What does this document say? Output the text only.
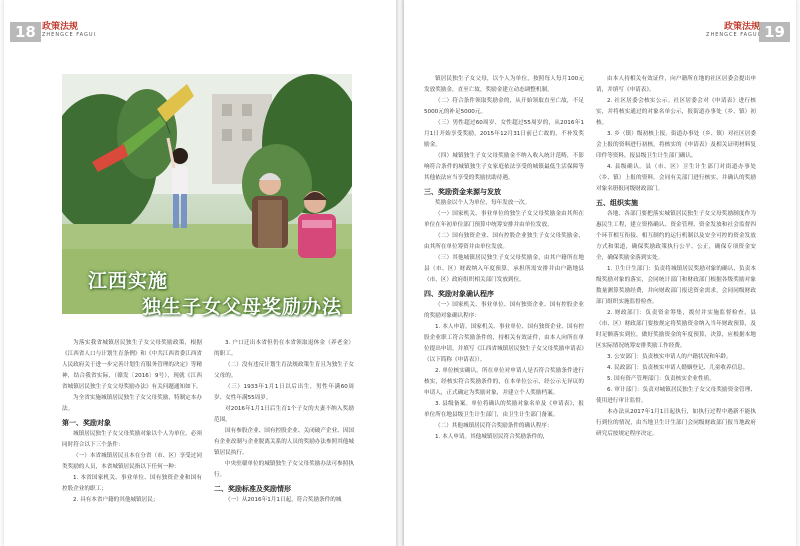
18 政策法规
ZHENGCE FAGUI	19
政策法规
ZHENGCE FAGUI
江西实施
独生子女父母奖励办法

为落实我省城镇居民独生子女父母奖励政策，根据《江西省人口与计划生育条例》和《中共江西省委江西省人民政府关于进一步完善计划生育服务管理的决定》等精神，结合我省实际，（赣发〔2016〕9号），现就《江西省城镇居民独生子女父母奖励办法》有关问题通知如下。

为全省实施城镇居民独生子女父母奖励，特制定本办法。

第一、奖励对象

城镇居民独生子女父母奖励对象以个人为单位，必须同时符合以下三个条件：

（一）本省城镇居民且本在分省（市、区）享受过同类奖励的人员，本省城镇居民指以下任何一种：

1. 本省国家机关、事业单位、国有独资企业和国有控股企业的职工；

2. 具有本省户籍的其他城镇居民；

3. 户口迁出本省但仍在本省领取退休金（养老金）的职工。

（二）没有违反计划生育法规政策生育且为独生子女父母的。

（三）1933年1月1日以后出生，男性年满60周岁、女性年满55周岁。

对2016年1月1日后生育1个子女的夫妻不纳入奖励范围。

国有参股企业、国有控股企业、关闭破产企业、因国有企业改制与企业脱离关系的人员的奖励办法参照其他城镇居民执行。

中央驻赣单位的城镇独生子女父母奖励办法可参照执行。

二、奖励标准及奖励情形

（一）从2016年1月1日起，符合奖励条件的城

镇居民独生子女父母，以个人为单位，按照每人每月100元发放奖励金，直至亡故，奖励金建立动态调整机制。

（二）符合条件领取奖励金的，从开始领取直至亡故，不足5000元的补足5000元。

（三）男性超过60周岁、女性超过55周岁的，从2016年1月1日开始享受奖励，2015年12月31日前已亡故的，不补发奖励金。

（四）城镇独生子女父母奖励金不纳入收入统计范畴，不影响符合条件的城镇独生子女家庭依法享受的城镇最低生活保障等其他依法应当享受的奖励扶助待遇。

三、奖励资金来源与发放

奖励金以个人为单位，每年发放一次。

（一）国家机关、事业单位的独生子女父母奖励金由其所在单位在年初单位部门预算中统筹安排并由单位发放。

（二）国有独资企业、国有控股企业独生子女父母奖励金，由其所在单位筹资并由单位发放。

（三）其他城镇居民独生子女父母奖励金，由其户籍所在地县（市、区）财政纳入年度预算，承担所需安排并由户籍地县（市、区）政府组织相关部门发放到位。

四、奖励对象确认程序

（一）国家机关、事业单位、国有独资企业、国有控股企业的奖励对象确认程序：

1. 本人申请。国家机关、事业单位、国有独资企业、国有控股企业职工符合奖励条件的，持相关有效证件，由本人向所在单位提出申请，并填写《江西省城镇居民独生子女父母奖励申请表》（以下简称《申请表》）。

2. 单位核实确认。所在单位对申请人是否符合奖励条件进行核实，经核实符合奖励条件的，在本单位公示，经公示无异议的申请人，正式确定为奖励对象，并建立个人奖励档案。

3. 县级备案。单位将确认的奖励对象名单及《申请表》，报单位所在地县级卫生计生部门，由卫生计生部门备案。

（二）其他城镇居民符合奖励条件的确认程序：

1. 本人申请。其他城镇居民符合奖励条件的，

由本人持相关有效证件，向户籍所在地的社区居委会提出申请，并填写《申请表》。

2. 社区居委会核实公示。社区居委会对《申请表》进行核实，并将核实通过的对象名单公示，报街道办事处（乡、镇）初核。

3. 乡（镇）级初核上报。街道办事处（乡、镇）对社区居委会上报的资料进行初核，将核实的《申请表》及相关证明材料复印件等资料，报县级卫生计生部门确认。

4. 县级确认。县（市、区）卫生计生部门对街道办事处（乡、镇）上报的资料，会同有关部门进行核实，并确认的奖励对象名册报同级财政部门。

五、组织实施

各地、各部门要把落实城镇居民独生子女父母奖励制度作为惠民生工程，建立资格确认、资金管理、资金发放和社会监督四个环节相互衔接、相互制约的运行机制以及安全可控的资金发放方式和渠道，确保奖励政策执行公平、公正，确保专项资金安全，确保奖励金落到实处。

1. 卫生计生部门：负责将城镇居民奖励对象的确认，负责本级奖励对象的落实，会同统计部门和财政部门根据各级奖励对象数量测算奖励经费，并向财政部门报送资金需求，会同同级财政部门组织实施监督检查。

2. 财政部门：负责资金筹集，拨付并实施监督检查，县（市、区）财政部门要按规定将奖励资金纳入当年财政预算，及时足额落实到位，做好奖励资金的年度预算，决算，应根据本地区实际情况统筹安排奖励工作经费。

3. 公安部门：负责核实申请人的户籍状况和年龄。

4. 民政部门：负责核实申请人婚姻登记、儿童收养信息。

5. 国有资产管理部门：负责核实企业性质。

6. 审计部门：负责对城镇居民独生子女父母奖励资金管理、使用进行审计监督。

本办法从2017年1月1日起执行，如执行过程中遇新不能执行到位的情况，由当地卫生计生部门会同级财政部门报当地政府研究后按规定程序决定。
